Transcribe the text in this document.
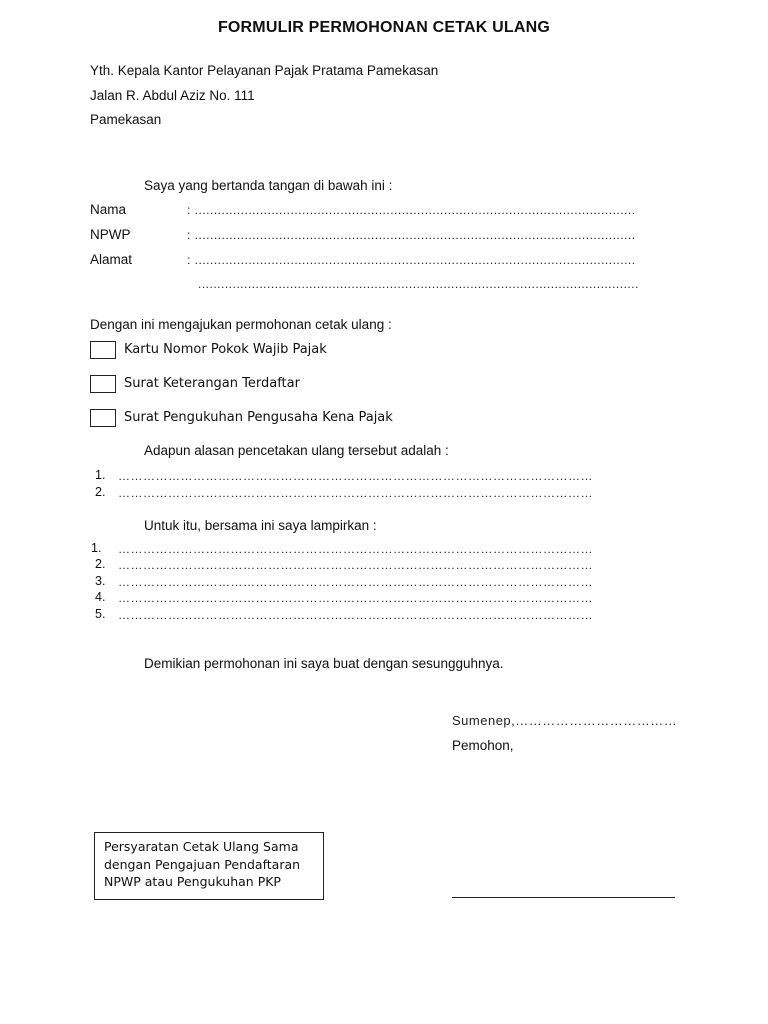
FORMULIR PERMOHONAN CETAK ULANG
Yth. Kepala Kantor Pelayanan Pajak Pratama Pamekasan
Jalan R. Abdul Aziz No. 111
Pamekasan
Saya yang bertanda tangan di bawah ini :
Nama	: ...................................................................................................................
NPWP	: ...................................................................................................................
Alamat	: ...................................................................................................................
...................................................................................................................
Dengan ini mengajukan permohonan cetak ulang :
Kartu Nomor Pokok Wajib Pajak
Surat Keterangan Terdaftar
Surat Pengukuhan Pengusaha Kena Pajak
Adapun alasan pencetakan ulang tersebut adalah :
1. ……………………………………………………………………………………………………
2. ……………………………………………………………………………………………………
Untuk itu, bersama ini saya lampirkan :
1. ……………………………………………………………………………………………………
2. ……………………………………………………………………………………………………
3. ……………………………………………………………………………………………………
4. ……………………………………………………………………………………………………
5. ……………………………………………………………………………………………………
Demikian permohonan ini saya buat dengan sesungguhnya.
Sumenep,………………………………
Pemohon,
Persyaratan Cetak Ulang Sama
dengan Pengajuan Pendaftaran
NPWP atau Pengukuhan PKP
